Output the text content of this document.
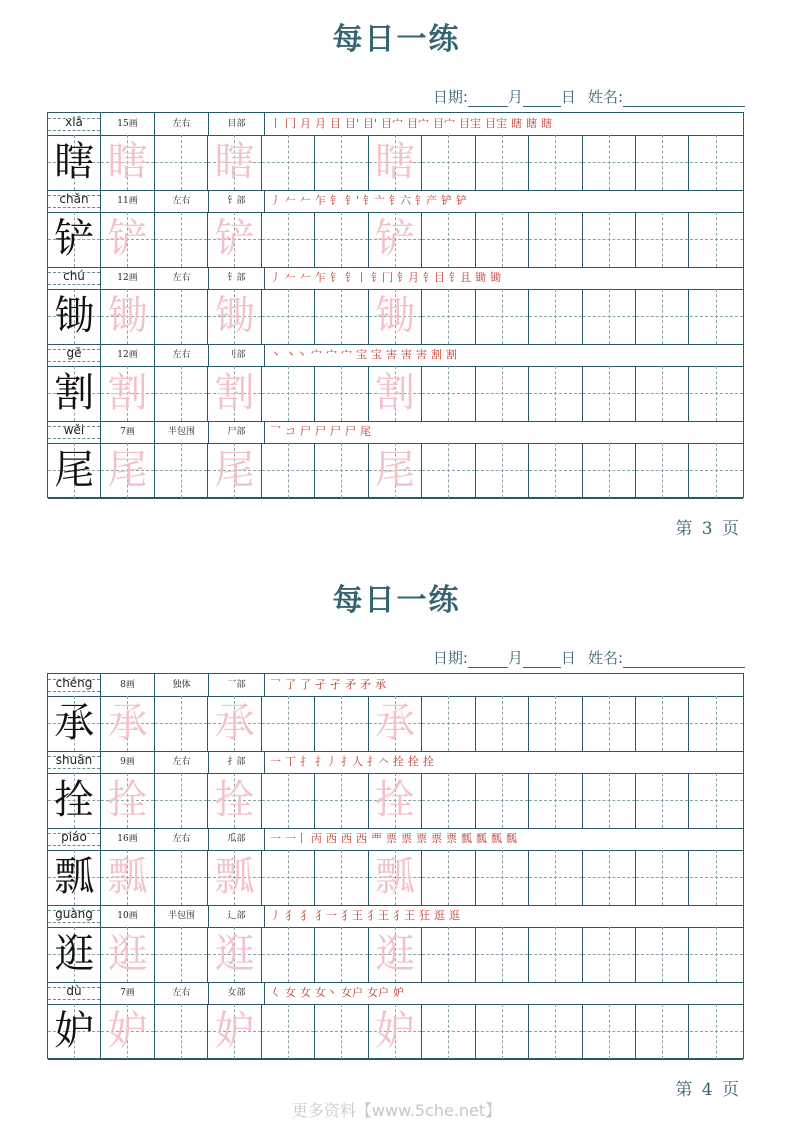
每日一练
日期:	月	日 姓名:
xiā	15画	左右	目部	丨 冂 月 月 目 目' 目' 目宀 目宀 目宀 目宔 目宔 瞎 瞎 瞎
瞎 瞎 瞎	瞎
chǎn	11画	左右	钅部	丿 𠂉 𠂉 乍 钅 钅' 钅亠 钅六 钅产 铲 铲
铲 铲 铲	铲
chú	12画	左右	钅部	丿 𠂉 𠂉 乍 钅 钅丨 钅冂 钅月 钅目 钅且 锄 锄
锄 锄 锄	锄
gē	12画	左右	刂部	丶 丶丶 宀 宀 宀 宝 宝 害 害 害 割 割
割 割 割	割
wěi	7画	半包围	尸部	乛 コ 尸 尸 尸 尸 尾
尾 尾 尾	尾
第 3 页
每日一练
日期:	月	日 姓名:
chéng	8画	独体	乛部	乛 了 了 孑 孑 矛 矛 承
承 承 承	承
shuān	9画	左右	扌部	一 丅 扌 扌丿 扌人 扌𠆢 拴 拴 拴
拴 拴 拴	拴
piáo	16画	左右	瓜部	一 一丨 丙 西 西 西 覀 票 票 票 票 票 瓢 瓢 瓢 瓢
瓢 瓢 瓢	瓢
guàng	10画	半包围	辶部	丿 犭 犭 犭一 犭王 犭王 犭王 狂 逛 逛
逛 逛 逛	逛
dù	7画	左右	女部	𡿨 女 女 女丶 女户 女户 妒
妒 妒 妒	妒
第 4 页
更多资料【www.5che.net】
